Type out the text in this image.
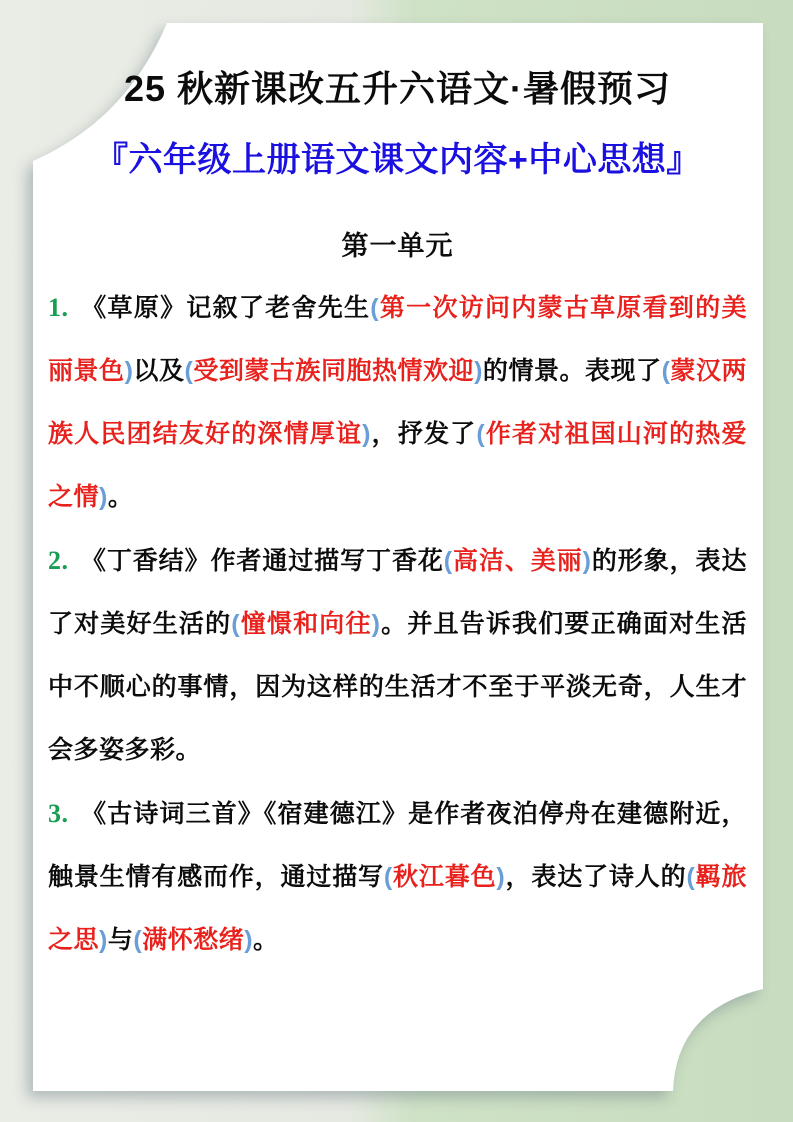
25 秋新课改五升六语文·暑假预习
『六年级上册语文课文内容+中心思想』
第一单元

1. 《草原》记叙了老舍先生(第一次访问内蒙古草原看到的美丽景色)以及(受到蒙古族同胞热情欢迎)的情景。表现了(蒙汉两族人民团结友好的深情厚谊)，抒发了(作者对祖国山河的热爱之情)。

2. 《丁香结》作者通过描写丁香花(高洁、美丽)的形象，表达了对美好生活的(憧憬和向往)。并且告诉我们要正确面对生活中不顺心的事情，因为这样的生活才不至于平淡无奇，人生才会多姿多彩。

3. 《古诗词三首》《宿建德江》是作者夜泊停舟在建德附近，触景生情有感而作，通过描写(秋江暮色)，表达了诗人的(羁旅之思)与(满怀愁绪)。
